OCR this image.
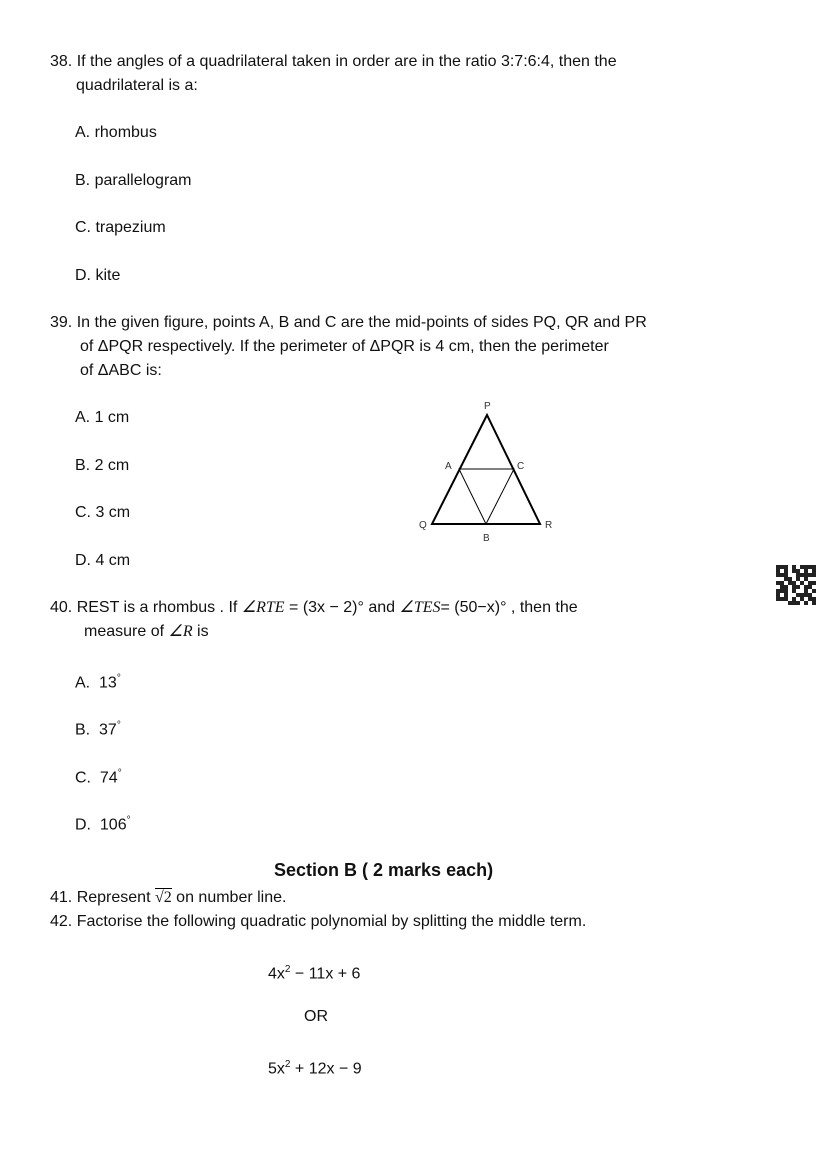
38. If the angles of a quadrilateral taken in order are in the ratio 3:7:6:4, then the
quadrilateral is a:
A. rhombus
B. parallelogram
C. trapezium
D. kite
39. In the given figure, points A, B and C are the mid-points of sides PQ, QR and PR
of ΔPQR respectively. If the perimeter of ΔPQR is 4 cm, then the perimeter
of ΔABC is:
A. 1 cm
B. 2 cm
C. 3 cm
D. 4 cm
P
A	C
Q	R
B
40. REST is a rhombus . If ∠RTE = (3x − 2)° and ∠TES= (50−x)° , then the
measure of ∠R is
A. 13°
B. 37°
C. 74°
D. 106°
Section B ( 2 marks each)
41. Represent √2 on number line.
42. Factorise the following quadratic polynomial by splitting the middle term.
$4x^2 - 11x + 6$
OR
$5x^2 + 12x - 9$
